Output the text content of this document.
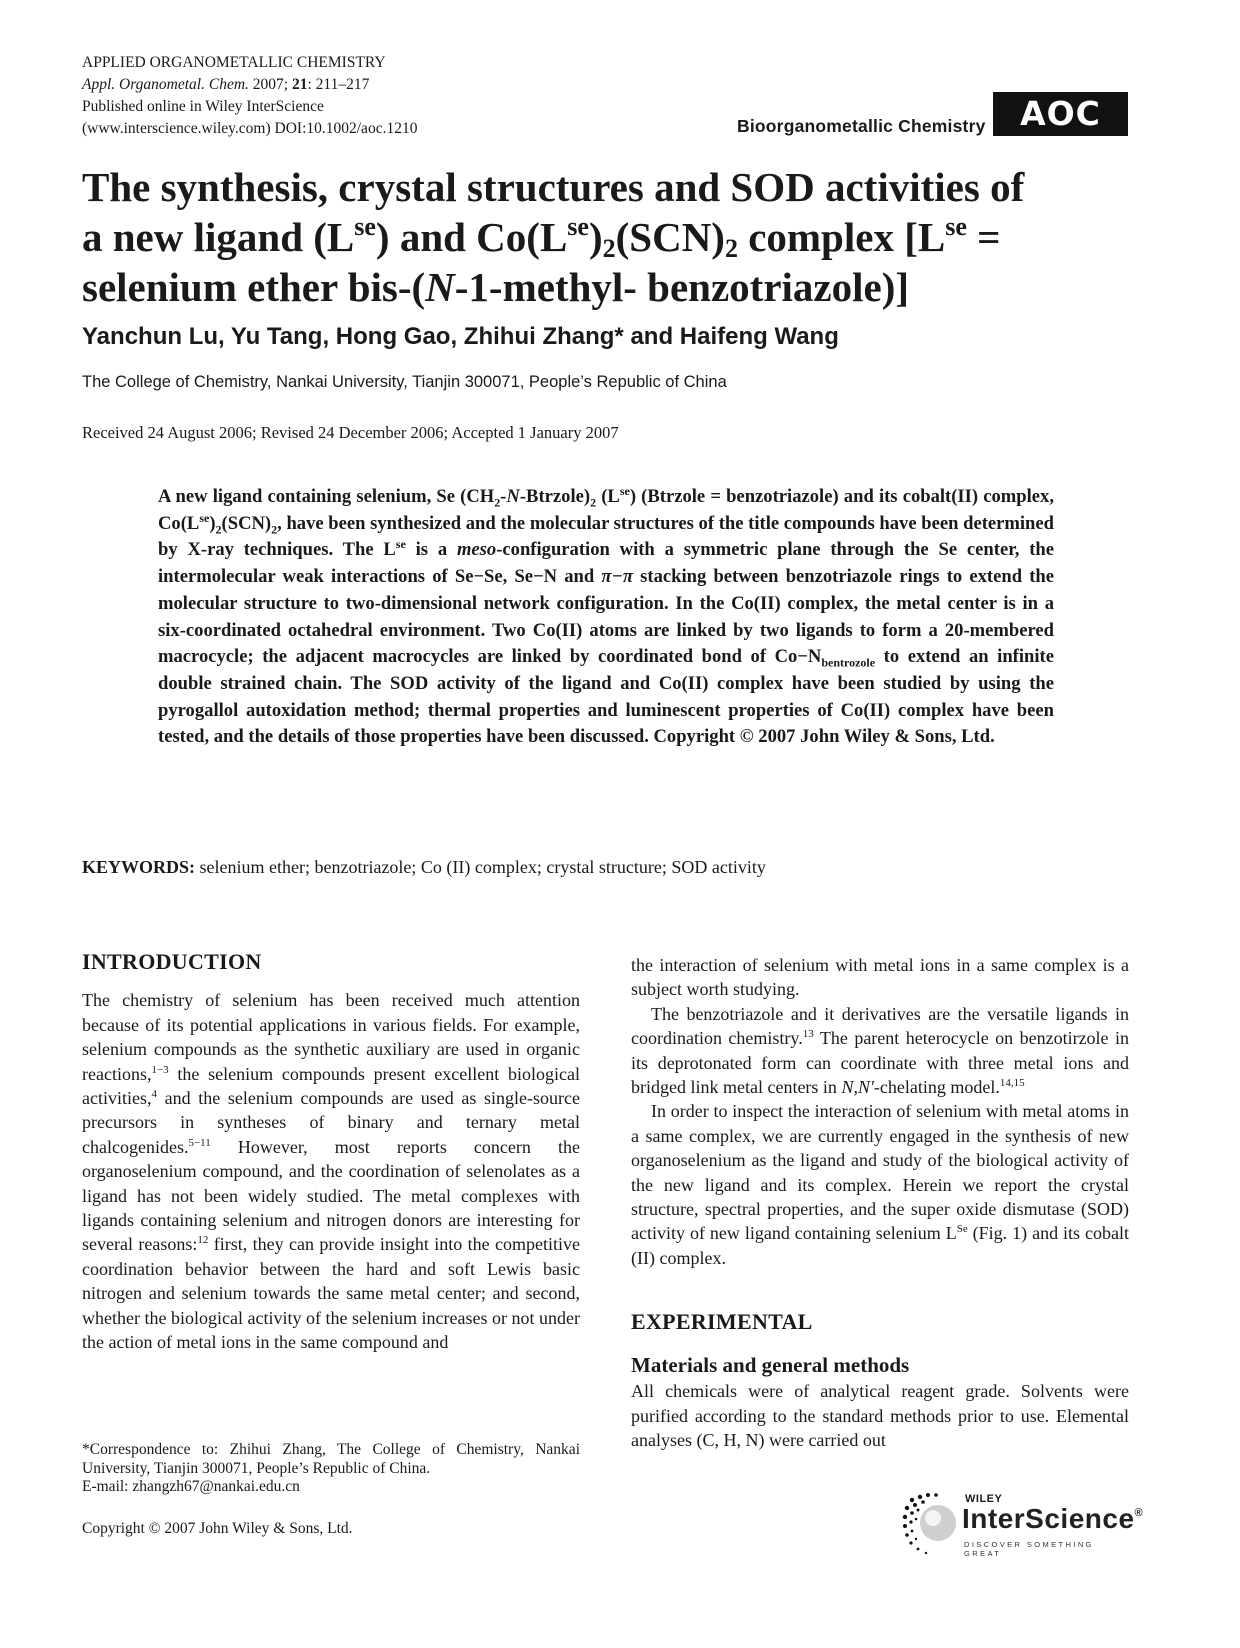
APPLIED ORGANOMETALLIC CHEMISTRY
Appl. Organometal. Chem. 2007; 21: 211–217
Published online in Wiley InterScience
(www.interscience.wiley.com) DOI:10.1002/aoc.1210	Bioorganometallic Chemistry	AOC
The synthesis, crystal structures and SOD activities of
a new ligand $(L^{se})$ and $Co(L^{se})_2(SCN)_2$ complex [$L^{se}$ =
selenium ether bis-(N-1-methyl- benzotriazole)]
Yanchun Lu, Yu Tang, Hong Gao, Zhihui Zhang* and Haifeng Wang
The College of Chemistry, Nankai University, Tianjin 300071, People’s Republic of China
Received 24 August 2006; Revised 24 December 2006; Accepted 1 January 2007
A new ligand containing selenium, Se $(CH_2-N-Btrzole)_2$ $(L^{se})$ (Btrzole = benzotriazole) and its cobalt(II) complex, $Co(L^{se})_2(SCN)_2$, have been synthesized and the molecular structures of the title compounds have been determined by X-ray techniques. The $L^{se}$ is a meso-configuration with a symmetric plane through the Se center, the intermolecular weak interactions of Se−Se, Se−N and π−π stacking between benzotriazole rings to extend the molecular structure to two-dimensional network configuration. In the Co(II) complex, the metal center is in a six-coordinated octahedral environment. Two Co(II) atoms are linked by two ligands to form a 20-membered macrocycle; the adjacent macrocycles are linked by coordinated bond of $Co-N_{bentrozole}$ to extend an infinite double strained chain. The SOD activity of the ligand and Co(II) complex have been studied by using the pyrogallol autoxidation method; thermal properties and luminescent properties of Co(II) complex have been tested, and the details of those properties have been discussed. Copyright © 2007 John Wiley & Sons, Ltd.
KEYWORDS: selenium ether; benzotriazole; Co (II) complex; crystal structure; SOD activity
INTRODUCTION

The chemistry of selenium has been received much attention because of its potential applications in various fields. For example, selenium compounds as the synthetic auxiliary are used in organic reactions,$^{1-3}$ the selenium compounds present excellent biological activities,$^4$ and the selenium compounds are used as single-source precursors in syntheses of binary and ternary metal chalcogenides.$^{5-11}$ However, most reports concern the organoselenium compound, and the coordination of selenolates as a ligand has not been widely studied. The metal complexes with ligands containing selenium and nitrogen donors are interesting for several reasons:$^{12}$ first, they can provide insight into the competitive coordination behavior between the hard and soft Lewis basic nitrogen and selenium towards the same metal center; and second, whether the biological activity of the selenium increases or not under the action of metal ions in the same compound and

the interaction of selenium with metal ions in a same complex is a subject worth studying.

The benzotriazole and it derivatives are the versatile ligands in coordination chemistry.$^{13}$ The parent heterocycle on benzotirzole in its deprotonated form can coordinate with three metal ions and bridged link metal centers in N,N′-chelating model.$^{14,15}$

In order to inspect the interaction of selenium with metal atoms in a same complex, we are currently engaged in the synthesis of new organoselenium as the ligand and study of the biological activity of the new ligand and its complex. Herein we report the crystal structure, spectral properties, and the super oxide dismutase (SOD) activity of new ligand containing selenium $L^{Se}$ (Fig. 1) and its cobalt (II) complex.

EXPERIMENTAL
Materials and general methods

All chemicals were of analytical reagent grade. Solvents were purified according to the standard methods prior to use. Elemental analyses (C, H, N) were carried out

*Correspondence to: Zhihui Zhang, The College of Chemistry, Nankai University, Tianjin 300071, People’s Republic of China.
E-mail: zhangzh67@nankai.edu.cn
Copyright © 2007 John Wiley & Sons, Ltd.
WILEY
InterScience®
DISCOVER SOMETHING GREAT
